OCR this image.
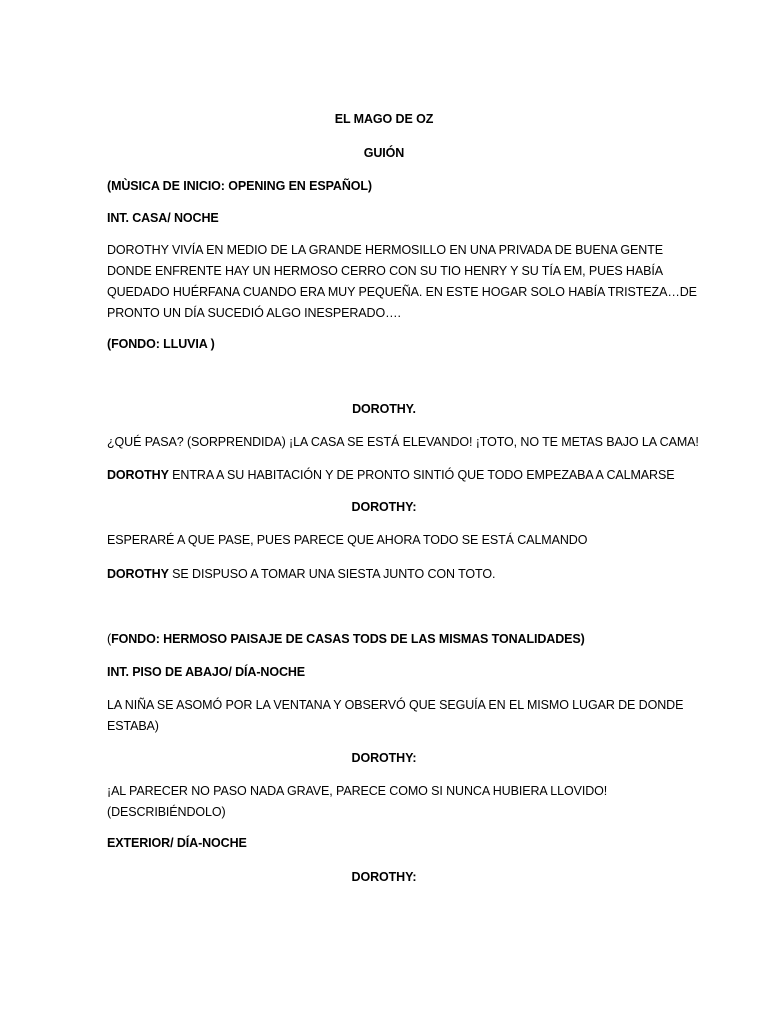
EL MAGO DE OZ
GUIÓN
(MÙSICA DE INICIO: OPENING EN ESPAÑOL)
INT. CASA/ NOCHE
DOROTHY VIVÍA EN MEDIO DE LA GRANDE HERMOSILLO EN UNA PRIVADA DE BUENA GENTE
DONDE ENFRENTE HAY UN HERMOSO CERRO CON SU TIO HENRY Y SU TÍA EM, PUES HABÍA
QUEDADO HUÉRFANA CUANDO ERA MUY PEQUEÑA. EN ESTE HOGAR SOLO HABÍA TRISTEZA…DE
PRONTO UN DÍA SUCEDIÓ ALGO INESPERADO….
(FONDO: LLUVIA )
DOROTHY.
¿QUÉ PASA? (SORPRENDIDA) ¡LA CASA SE ESTÁ ELEVANDO! ¡TOTO, NO TE METAS BAJO LA CAMA!
DOROTHY ENTRA A SU HABITACIÓN Y DE PRONTO SINTIÓ QUE TODO EMPEZABA A CALMARSE
DOROTHY:
ESPERARÉ A QUE PASE, PUES PARECE QUE AHORA TODO SE ESTÁ CALMANDO
DOROTHY SE DISPUSO A TOMAR UNA SIESTA JUNTO CON TOTO.
(FONDO: HERMOSO PAISAJE DE CASAS TODS DE LAS MISMAS TONALIDADES)
INT. PISO DE ABAJO/ DÍA-NOCHE
LA NIÑA SE ASOMÓ POR LA VENTANA Y OBSERVÓ QUE SEGUÍA EN EL MISMO LUGAR DE DONDE
ESTABA)
DOROTHY:
¡AL PARECER NO PASO NADA GRAVE, PARECE COMO SI NUNCA HUBIERA LLOVIDO!
(DESCRIBIÉNDOLO)
EXTERIOR/ DÍA-NOCHE
DOROTHY:
